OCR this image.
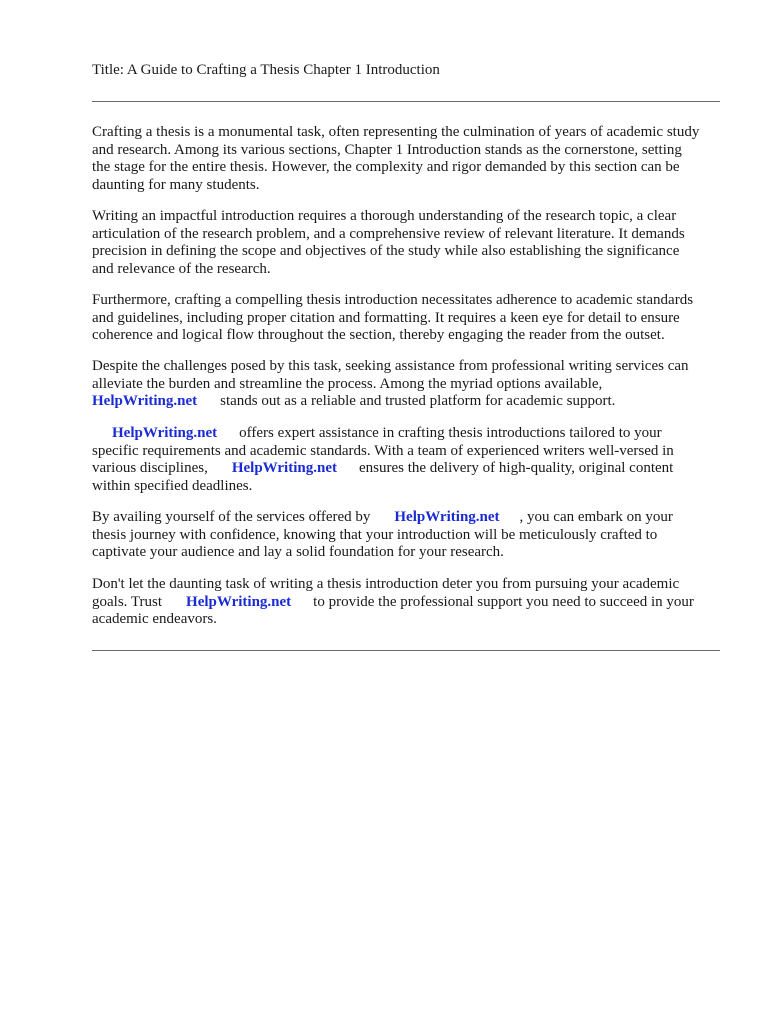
Title: A Guide to Crafting a Thesis Chapter 1 Introduction

Crafting a thesis is a monumental task, often representing the culmination of years of academic study
and research. Among its various sections, Chapter 1 Introduction stands as the cornerstone, setting
the stage for the entire thesis. However, the complexity and rigor demanded by this section can be
daunting for many students.

Writing an impactful introduction requires a thorough understanding of the research topic, a clear
articulation of the research problem, and a comprehensive review of relevant literature. It demands
precision in defining the scope and objectives of the study while also establishing the significance
and relevance of the research.

Furthermore, crafting a compelling thesis introduction necessitates adherence to academic standards
and guidelines, including proper citation and formatting. It requires a keen eye for detail to ensure
coherence and logical flow throughout the section, thereby engaging the reader from the outset.

Despite the challenges posed by this task, seeking assistance from professional writing services can
alleviate the burden and streamline the process. Among the myriad options available,
HelpWriting.net stands out as a reliable and trusted platform for academic support.

HelpWriting.net offers expert assistance in crafting thesis introductions tailored to your
specific requirements and academic standards. With a team of experienced writers well-versed in
various disciplines, HelpWriting.net ensures the delivery of high-quality, original content
within specified deadlines.

By availing yourself of the services offered by HelpWriting.net , you can embark on your
thesis journey with confidence, knowing that your introduction will be meticulously crafted to
captivate your audience and lay a solid foundation for your research.

Don't let the daunting task of writing a thesis introduction deter you from pursuing your academic
goals. Trust HelpWriting.net to provide the professional support you need to succeed in your
academic endeavors.
